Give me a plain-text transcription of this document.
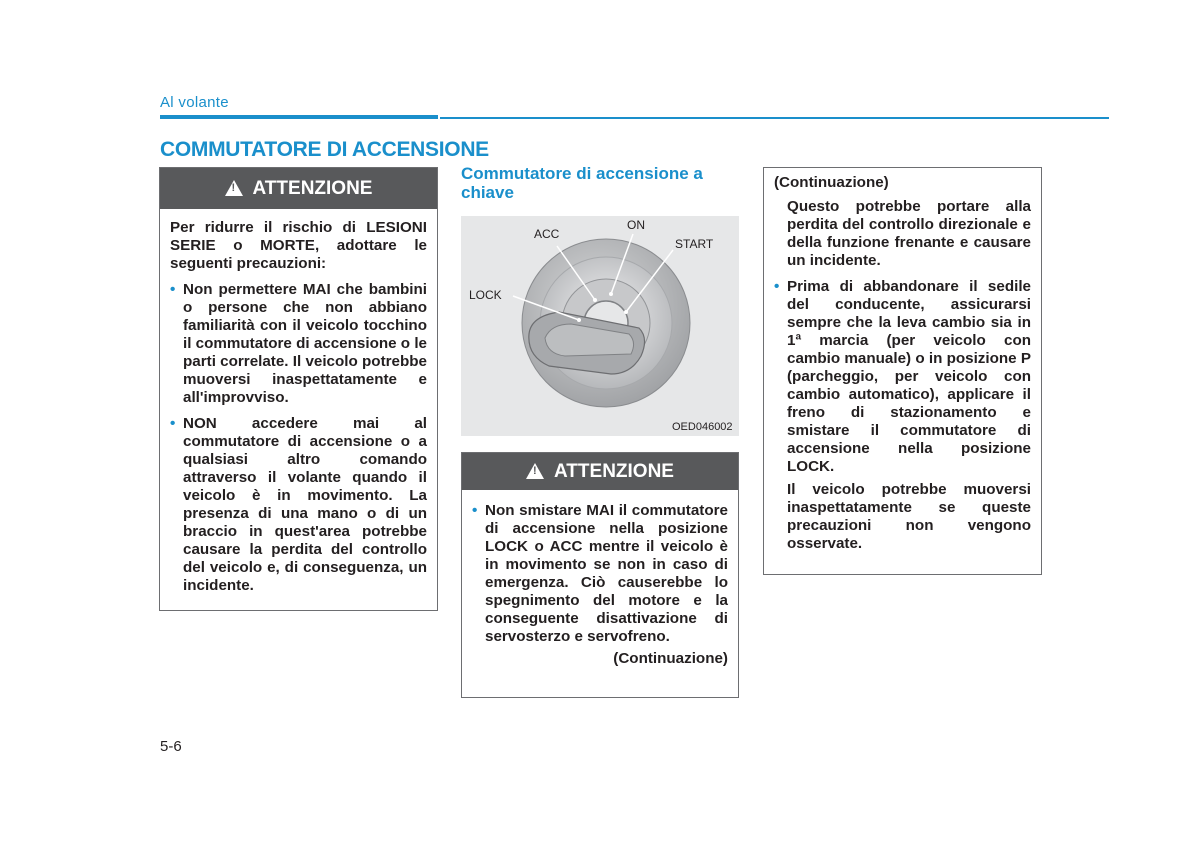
Al volante
COMMUTATORE DI ACCENSIONE
!
ATTENZIONE
Per ridurre il rischio di LESIONI SERIE o MORTE, adottare le seguenti precauzioni:
• Non permettere MAI che bambini o persone che non abbiano familiarità con il veicolo tocchino il commutatore di accensione o le parti correlate. Il veicolo potrebbe muoversi inaspettatamente e all'improvviso.
• NON accedere mai al commutatore di accensione o a qualsiasi altro comando attraverso il volante quando il veicolo è in movimento. La presenza di una mano o di un braccio in quest'area potrebbe causare la perdita del controllo del veicolo e, di conseguenza, un incidente.
Commutatore di accensione a chiave
ACC
ON
START
LOCK
OED046002
!
ATTENZIONE
• Non smistare MAI il commutatore di accensione nella posizione LOCK o ACC mentre il veicolo è in movimento se non in caso di emergenza. Ciò causerebbe lo spegnimento del motore e la conseguente disattivazione di servosterzo e servofreno.
(Continuazione)
(Continuazione)
Questo potrebbe portare alla perdita del controllo direzionale e della funzione frenante e causare un incidente.
• Prima di abbandonare il sedile del conducente, assicurarsi sempre che la leva cambio sia in 1ª marcia (per veicolo con cambio manuale) o in posizione P (parcheggio, per veicolo con cambio automatico), applicare il freno di stazionamento e smistare il commutatore di accensione nella posizione LOCK.
Il veicolo potrebbe muoversi inaspettatamente se queste precauzioni non vengono osservate.
5-6
